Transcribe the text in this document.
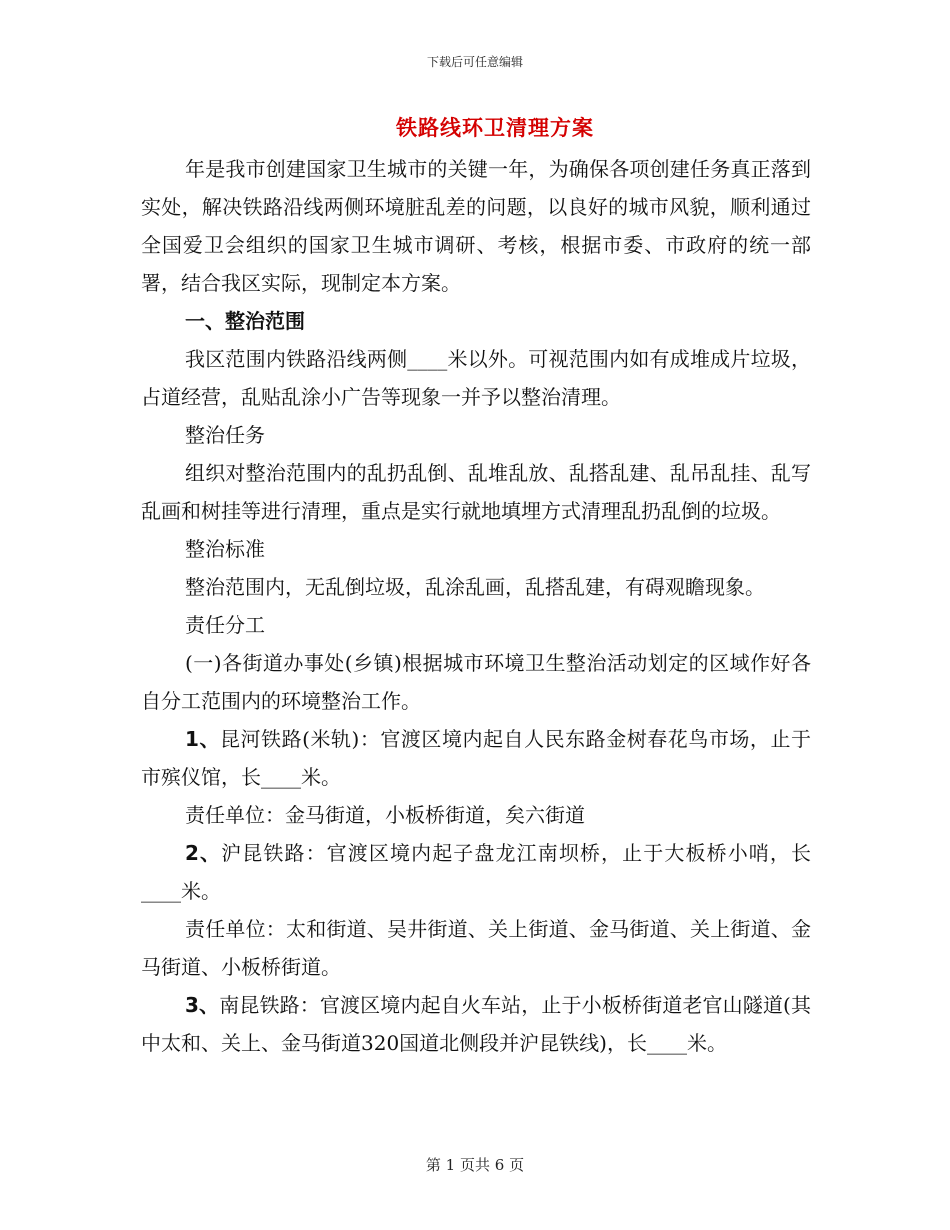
下载后可任意编辑
铁路线环卫清理方案

年是我市创建国家卫生城市的关键一年，为确保各项创建任务真正落到实处，解决铁路沿线两侧环境脏乱差的问题，以良好的城市风貌，顺利通过全国爱卫会组织的国家卫生城市调研、考核，根据市委、市政府的统一部署，结合我区实际，现制定本方案。

一、整治范围

我区范围内铁路沿线两侧____米以外。可视范围内如有成堆成片垃圾，占道经营，乱贴乱涂小广告等现象一并予以整治清理。

整治任务

组织对整治范围内的乱扔乱倒、乱堆乱放、乱搭乱建、乱吊乱挂、乱写乱画和树挂等进行清理，重点是实行就地填埋方式清理乱扔乱倒的垃圾。

整治标准

整治范围内，无乱倒垃圾，乱涂乱画，乱搭乱建，有碍观瞻现象。

责任分工

(一)各街道办事处(乡镇)根据城市环境卫生整治活动划定的区域作好各自分工范围内的环境整治工作。

1、昆河铁路(米轨)：官渡区境内起自人民东路金树春花鸟市场，止于市殡仪馆，长____米。

责任单位：金马街道，小板桥街道，矣六街道

2、沪昆铁路：官渡区境内起子盘龙江南坝桥，止于大板桥小哨，长____米。

责任单位：太和街道、吴井街道、关上街道、金马街道、关上街道、金马街道、小板桥街道。

3、南昆铁路：官渡区境内起自火车站，止于小板桥街道老官山隧道(其中太和、关上、金马街道320国道北侧段并沪昆铁线)，长____米。

第 1 页共 6 页
